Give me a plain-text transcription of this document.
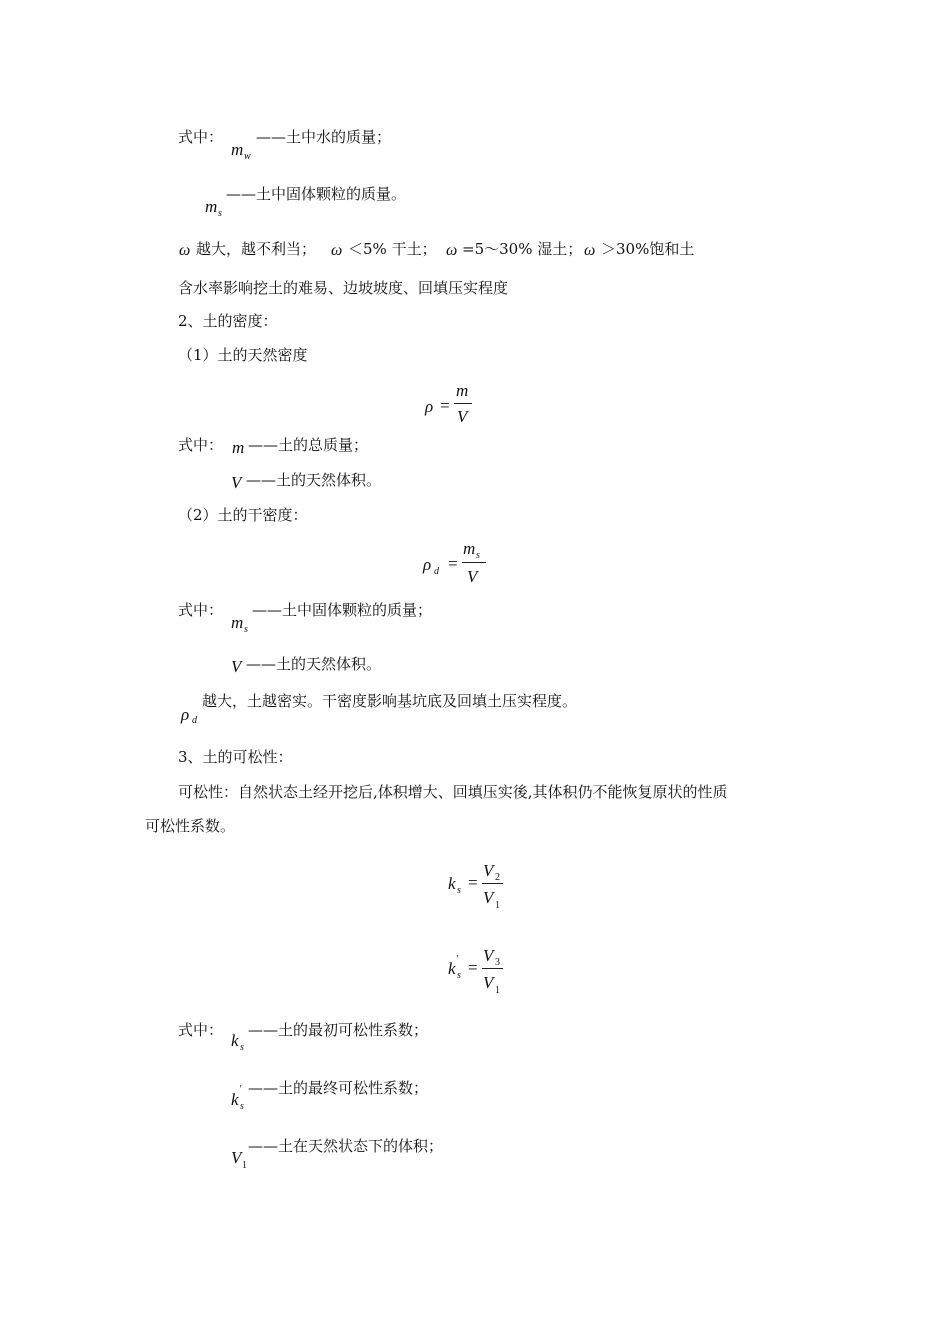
式中：
m w
——土中水的质量；
m s
——土中固体颗粒的质量。
ω 越大，越不利当； ω ＜5% 干土； ω =5～30% 湿土； ω ＞30%饱和土
含水率影响挖土的难易、边坡坡度、回填压实程度
2、土的密度：
（1）土的天然密度
ρ =
m
V
式中： m ——土的总质量；
V ——土的天然体积。
（2）土的干密度：
ρ d =
m s
V
式中：
m s
——土中固体颗粒的质量；
V ——土的天然体积。
ρ d
越大，土越密实。干密度影响基坑底及回填土压实程度。
3、土的可松性：
可松性：自然状态土经开挖后,体积增大、回填压实後,其体积仍不能恢复原状的性质
可松性系数。
k s =
V 2
V 1
k '
s =
V 3
V 1
式中：
k s
——土的最初可松性系数；
k
'
s
——土的最终可松性系数；
V 1
——土在天然状态下的体积；
